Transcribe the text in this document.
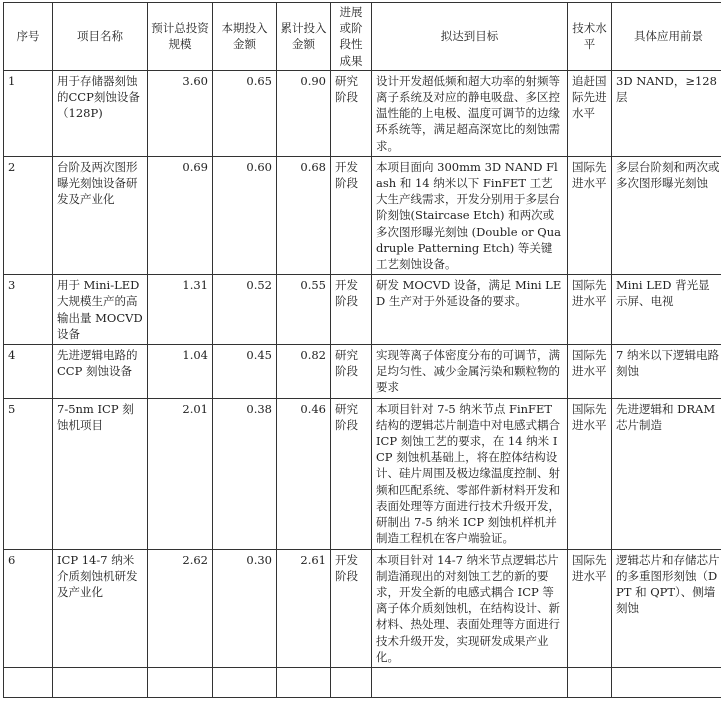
序号	项目名称	预计总投资规模	本期投入金额	累计投入金额	进展或阶段性成果	拟达到目标	技术水平	具体应用前景
1	用于存储器刻蚀的CCP刻蚀设备（128P)	3.60	0.65	0.90	研究阶段	设计开发超低频和超大功率的射频等离子系统及对应的静电吸盘、多区控温性能的上电极、温度可调节的边缘环系统等，满足超高深宽比的刻蚀需求。	追赶国际先进水平	3D NAND，≥128 层
2	台阶及两次图形曝光刻蚀设备研发及产业化	0.69	0.60	0.68	开发阶段	本项目面向 300mm 3D NAND Flash 和 14 纳米以下 FinFET 工艺大生产线需求，开发分别用于多层台阶刻蚀(Staircase Etch) 和两次或多次图形曝光刻蚀 (Double or Quadruple Patterning Etch) 等关键工艺刻蚀设备。	国际先进水平	多层台阶刻和两次或多次图形曝光刻蚀
3	用于 Mini-LED 大规模生产的高输出量 MOCVD 设备	1.31	0.52	0.55	开发阶段	研发 MOCVD 设备，满足 Mini LED 生产对于外延设备的要求。	国际先进水平	Mini LED 背光显示屏、电视
4	先进逻辑电路的 CCP 刻蚀设备	1.04	0.45	0.82	研究阶段	实现等离子体密度分布的可调节，满足均匀性、减少金属污染和颗粒物的要求	国际先进水平	7 纳米以下逻辑电路刻蚀
5	7-5nm ICP 刻蚀机项目	2.01	0.38	0.46	研究阶段	本项目针对 7-5 纳米节点 FinFET 结构的逻辑芯片制造中对电感式耦合 ICP 刻蚀工艺的要求，在 14 纳米 ICP 刻蚀机基础上，将在腔体结构设计、硅片周围及极边缘温度控制、射频和匹配系统、零部件新材料开发和表面处理等方面进行技术升级开发，研制出 7-5 纳米 ICP 刻蚀机样机并制造工程机在客户端验证。	国际先进水平	先进逻辑和 DRAM 芯片制造
6	ICP 14-7 纳米介质刻蚀机研发及产业化	2.62	0.30	2.61	开发阶段	本项目针对 14-7 纳米节点逻辑芯片制造涌现出的对刻蚀工艺的新的要求，开发全新的电感式耦合 ICP 等离子体介质刻蚀机，在结构设计、新材料、热处理、表面处理等方面进行技术升级开发，实现研发成果产业化。	国际先进水平	逻辑芯片和存储芯片的多重图形刻蚀（DPT 和 QPT）、侧墙刻蚀
